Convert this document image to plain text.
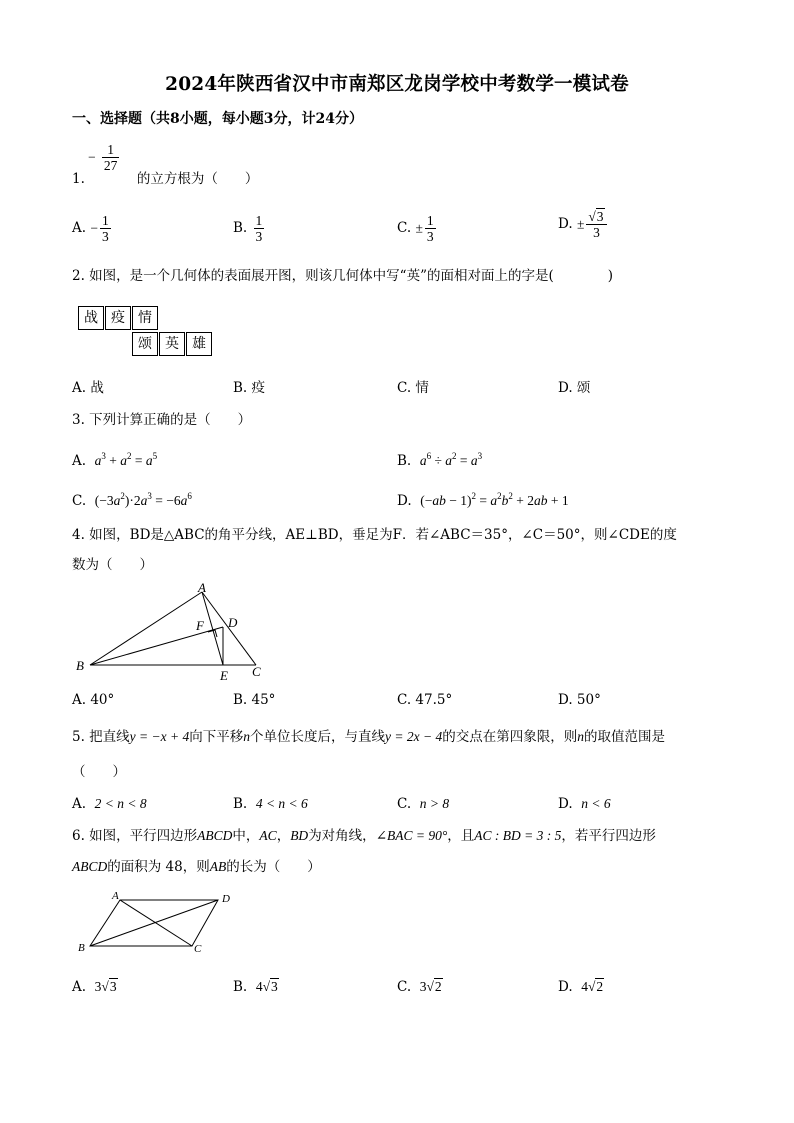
2024年陕西省汉中市南郑区龙岗学校中考数学一模试卷
一、选择题（共8小题，每小题3分，计24分）
− $\frac{1}{27}$
1.	的立方根为（　　）
A. − $\frac{1}{3}$	B. $\frac{1}{3}$	C. ± $\frac{1}{3}$	D. ± $\frac{√3}{3}$
2. 如图，是一个几何体的表面展开图，则该几何体中写“英”的面相对面上的字是(　　　　)
战 疫 情
颂 英 雄
A. 战	B. 疫	C. 情	D. 颂
3. 下列计算正确的是（　　）
A. $a^3 + a^2 = a^5$	B. $a^6 \div a^2 = a^3$
C. $(-3a^2)\cdot 2a^3 = -6a^6$	D. $(-ab - 1)^2 = a^2b^2 + 2ab + 1$
4. 如图，BD是△ABC的角平分线，AE⊥BD，垂足为F．若∠ABC＝35°，∠C＝50°，则∠CDE的度
数为（　　）
A
B	C
D
E
F
A. 40°	B. 45°	C. 47.5°	D. 50°
5. 把直线y = −x + 4向下平移n个单位长度后，与直线y = 2x − 4的交点在第四象限，则n的取值范围是
（　　）
A. 2 < n < 8	B. 4 < n < 6	C. n > 8	D. n < 6
6. 如图，平行四边形ABCD中，AC，BD为对角线，∠BAC = 90°，且AC : BD = 3 : 5，若平行四边形
ABCD的面积为 48，则AB的长为（　　）
A	D
B	C
A. 3√3	B. 4√3	C. 3√2	D. 4√2
